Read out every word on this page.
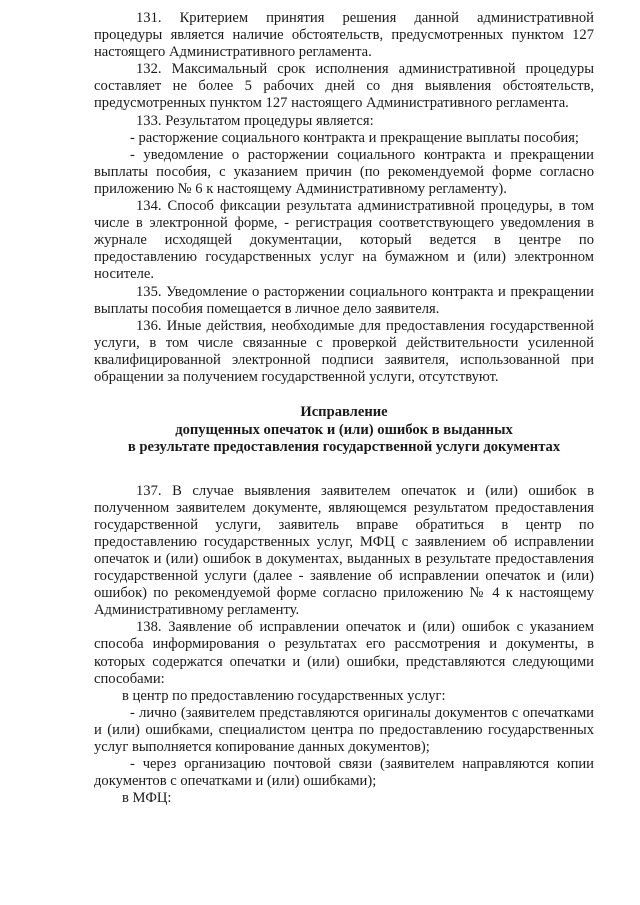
131. Критерием принятия решения данной административной процедуры является наличие обстоятельств, предусмотренных пунктом 127 настоящего Административного регламента.

132. Максимальный срок исполнения административной процедуры составляет не более 5 рабочих дней со дня выявления обстоятельств, предусмотренных пунктом 127 настоящего Административного регламента.

133. Результатом процедуры является:

- расторжение социального контракта и прекращение выплаты пособия;

- уведомление о расторжении социального контракта и прекращении выплаты пособия, с указанием причин (по рекомендуемой форме согласно приложению № 6 к настоящему Административному регламенту).

134. Способ фиксации результата административной процедуры, в том числе в электронной форме, - регистрация соответствующего уведомления в журнале исходящей документации, который ведется в центре по предоставлению государственных услуг на бумажном и (или) электронном носителе.

135. Уведомление о расторжении социального контракта и прекращении выплаты пособия помещается в личное дело заявителя.

136. Иные действия, необходимые для предоставления государственной услуги, в том числе связанные с проверкой действительности усиленной квалифицированной электронной подписи заявителя, использованной при обращении за получением государственной услуги, отсутствуют.

Исправление
допущенных опечаток и (или) ошибок в выданных
в результате предоставления государственной услуги документах

137. В случае выявления заявителем опечаток и (или) ошибок в полученном заявителем документе, являющемся результатом предоставления государственной услуги, заявитель вправе обратиться в центр по предоставлению государственных услуг, МФЦ с заявлением об исправлении опечаток и (или) ошибок в документах, выданных в результате предоставления государственной услуги (далее - заявление об исправлении опечаток и (или) ошибок) по рекомендуемой форме согласно приложению № 4 к настоящему Административному регламенту.

138. Заявление об исправлении опечаток и (или) ошибок с указанием способа информирования о результатах его рассмотрения и документы, в которых содержатся опечатки и (или) ошибки, представляются следующими способами:

в центр по предоставлению государственных услуг:

- лично (заявителем представляются оригиналы документов с опечатками и (или) ошибками, специалистом центра по предоставлению государственных услуг выполняется копирование данных документов);

- через организацию почтовой связи (заявителем направляются копии документов с опечатками и (или) ошибками);

в МФЦ:
